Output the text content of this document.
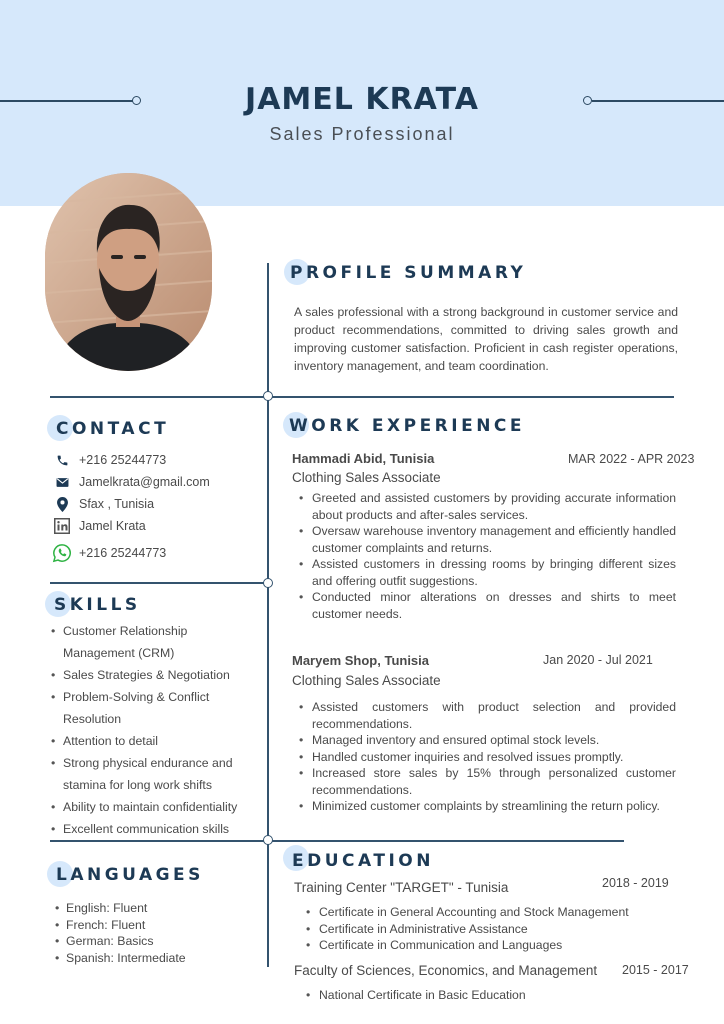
JAMEL KRATA
Sales Professional
PROFILE SUMMARY

A sales professional with a strong background in customer service and product recommendations, committed to driving sales growth and improving customer satisfaction. Proficient in cash register operations, inventory management, and team coordination.

CONTACT
+216 25244773
Jamelkrata@gmail.com
Sfax , Tunisia
Jamel Krata
+216 25244773
SKILLS
• Customer Relationship Management (CRM)
• Sales Strategies & Negotiation
• Problem-Solving & Conflict Resolution
• Attention to detail
• Strong physical endurance and stamina for long work shifts
• Ability to maintain confidentiality
• Excellent communication skills
LANGUAGES
• English: Fluent
• French: Fluent
• German: Basics
• Spanish: Intermediate
WORK EXPERIENCE
Hammadi Abid, Tunisia	MAR 2022 - APR 2023
Clothing Sales Associate
• Greeted and assisted customers by providing accurate information about products and after-sales services.
• Oversaw warehouse inventory management and efficiently handled customer complaints and returns.
• Assisted customers in dressing rooms by bringing different sizes and offering outfit suggestions.
• Conducted minor alterations on dresses and shirts to meet customer needs.
Maryem Shop, Tunisia	Jan 2020 - Jul 2021
Clothing Sales Associate
• Assisted customers with product selection and provided recommendations.
• Managed inventory and ensured optimal stock levels.
• Handled customer inquiries and resolved issues promptly.
• Increased store sales by 15% through personalized customer recommendations.
• Minimized customer complaints by streamlining the return policy.
EDUCATION
Training Center "TARGET" - Tunisia	2018 - 2019
• Certificate in General Accounting and Stock Management
• Certificate in Administrative Assistance
• Certificate in Communication and Languages
Faculty of Sciences, Economics, and Management 2015 - 2017
• National Certificate in Basic Education
